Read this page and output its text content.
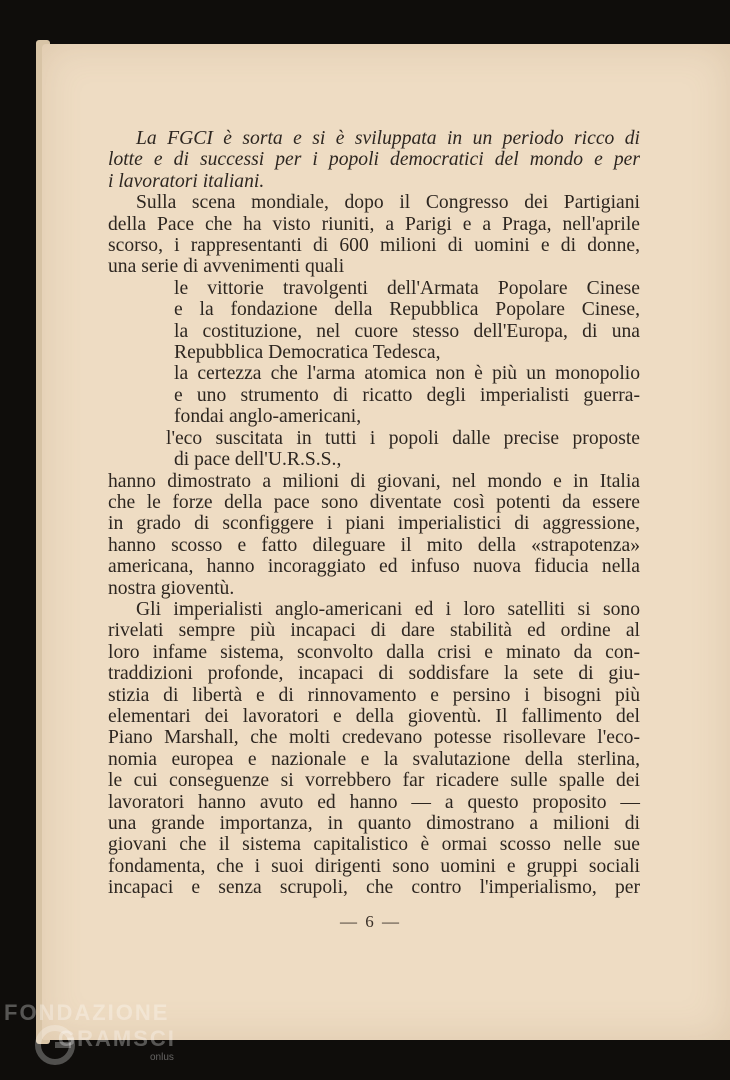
La FGCI è sorta e si è sviluppata in un periodo ricco di
lotte e di successi per i popoli democratici del mondo e per
i lavoratori italiani.
Sulla scena mondiale, dopo il Congresso dei Partigiani
della Pace che ha visto riuniti, a Parigi e a Praga, nell'aprile
scorso, i rappresentanti di 600 milioni di uomini e di donne,
una serie di avvenimenti quali
le vittorie travolgenti dell'Armata Popolare Cinese
e la fondazione della Repubblica Popolare Cinese,
la costituzione, nel cuore stesso dell'Europa, di una
Repubblica Democratica Tedesca,
la certezza che l'arma atomica non è più un monopolio
e uno strumento di ricatto degli imperialisti guerra-
fondai anglo-americani,
l'eco suscitata in tutti i popoli dalle precise proposte
di pace dell'U.R.S.S.,
hanno dimostrato a milioni di giovani, nel mondo e in Italia
che le forze della pace sono diventate così potenti da essere
in grado di sconfiggere i piani imperialistici di aggressione,
hanno scosso e fatto dileguare il mito della «strapotenza»
americana, hanno incoraggiato ed infuso nuova fiducia nella
nostra gioventù.
Gli imperialisti anglo-americani ed i loro satelliti si sono
rivelati sempre più incapaci di dare stabilità ed ordine al
loro infame sistema, sconvolto dalla crisi e minato da con-
traddizioni profonde, incapaci di soddisfare la sete di giu-
stizia di libertà e di rinnovamento e persino i bisogni più
elementari dei lavoratori e della gioventù. Il fallimento del
Piano Marshall, che molti credevano potesse risollevare l'eco-
nomia europea e nazionale e la svalutazione della sterlina,
le cui conseguenze si vorrebbero far ricadere sulle spalle dei
lavoratori hanno avuto ed hanno — a questo proposito —
una grande importanza, in quanto dimostrano a milioni di
giovani che il sistema capitalistico è ormai scosso nelle sue
fondamenta, che i suoi dirigenti sono uomini e gruppi sociali
incapaci e senza scrupoli, che contro l'imperialismo, per
— 6 —
FONDAZIONE
GRAMSCI
onlus
